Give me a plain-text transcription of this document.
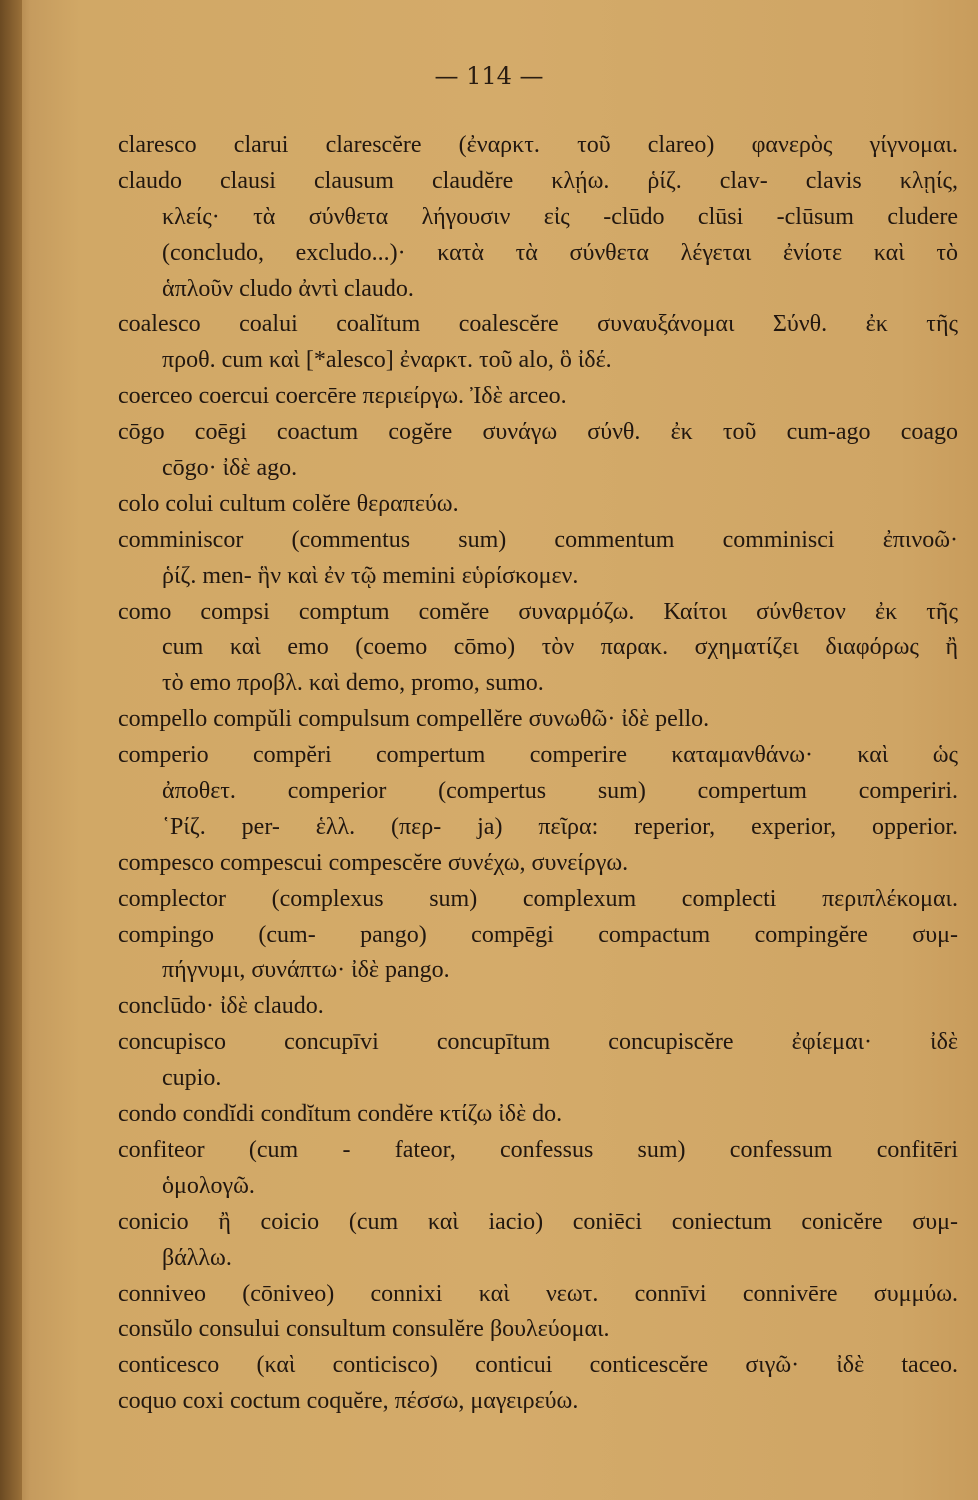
— 114 —
claresco clarui clarescĕre (ἐναρκτ. τοῦ clareo) φανερὸς γίγνομαι.
claudo clausi clausum claudĕre κλῄω. ῥίζ. clav- clavis κλῃίς,
κλείς· τὰ σύνθετα λήγουσιν εἰς -clūdo clūsi -clūsum cludere
(concludo, excludo...)· κατὰ τὰ σύνθετα λέγεται ἐνίοτε καὶ τὸ
ἁπλοῦν cludo ἀντὶ claudo.
coalesco coalui coalĭtum coalescĕre συναυξάνομαι Σύνθ. ἐκ τῆς
προθ. cum καὶ [*alesco] ἐναρκτ. τοῦ alo, ὃ ἰδέ.
coerceo coercui coercēre περιείργω. Ἰδὲ arceo.
cōgo coēgi coactum cogĕre συνάγω σύνθ. ἐκ τοῦ cum-ago coago
cōgo· ἰδὲ ago.
colo colui cultum colĕre θεραπεύω.
comminiscor (commentus sum) commentum comminisci ἐπινοῶ·
ῥίζ. men- ἣν καὶ ἐν τῷ memini εὑρίσκομεν.
como compsi comptum comĕre συναρμόζω. Καίτοι σύνθετον ἐκ τῆς
cum καὶ emo (coemo cōmo) τὸν παρακ. σχηματίζει διαφόρως ἢ
τὸ emo προβλ. καὶ demo, promo, sumo.
compello compŭli compulsum compellĕre συνωθῶ· ἰδὲ pello.
comperio compĕri compertum comperire καταμανθάνω· καὶ ὡς
ἀποθετ. comperior (compertus sum) compertum comperiri.
῾Ρίζ. per- ἑλλ. (περ- ja) πεῖρα: reperior, experior, opperior.
compesco compescui compescĕre συνέχω, συνείργω.
complector (complexus sum) complexum complecti περιπλέκομαι.
compingo (cum- pango) compēgi compactum compingĕre συμ-
πήγνυμι, συνάπτω· ἰδὲ pango.
conclūdo· ἰδὲ claudo.
concupisco concupīvi concupītum concupiscĕre ἐφίεμαι· ἰδὲ
cupio.
condo condĭdi condĭtum condĕre κτίζω ἰδὲ do.
confiteor (cum - fateor, confessus sum) confessum confitēri
ὁμολογῶ.
conicio ἢ coicio (cum καὶ iacio) coniēci coniectum conicĕre συμ-
βάλλω.
conniveo (cōniveo) connixi καὶ νεωτ. connīvi connivēre συμμύω.
consŭlo consului consultum consulĕre βουλεύομαι.
conticesco (καὶ conticisco) conticui conticescĕre σιγῶ· ἰδὲ taceo.
coquo coxi coctum coquĕre, πέσσω, μαγειρεύω.
